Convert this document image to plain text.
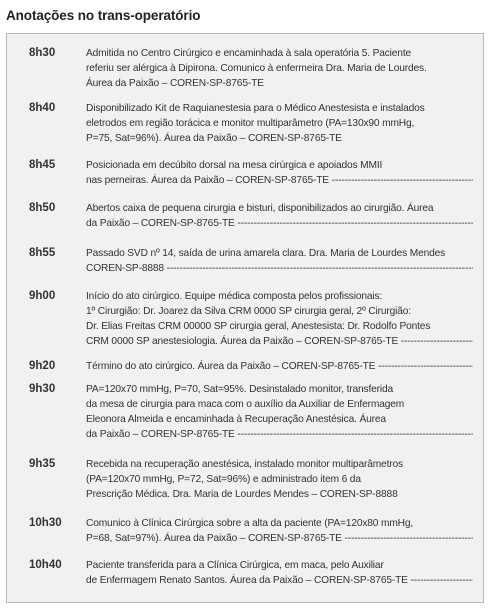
Anotações no trans-operatório
8h30	Admitida no Centro Cirúrgico e encaminhada à sala operatória 5. Paciente
referiu ser alérgica à Dipirona. Comunico à enfermeira Dra. Maria de Lourdes.
Áurea da Paixão – COREN-SP-8765-TE
8h40	Disponibilizado Kit de Raquianestesia para o Médico Anestesista e instalados
eletrodos em região torácica e monitor multiparâmetro (PA=130x90 mmHg,
P=75, Sat=96%). Áurea da Paixão – COREN-SP-8765-TE
8h45	Posicionada em decúbito dorsal na mesa cirúrgica e apoiados MMII
nas perneiras. Áurea da Paixão – COREN-SP-8765-TE -----
8h50	Abertos caixa de pequena cirurgia e bisturi, disponibilizados ao cirurgião. Áurea
da Paixão – COREN-SP-8765-TE -----
8h55	Passado SVD nº 14, saída de urina amarela clara. Dra. Maria de Lourdes Mendes
COREN-SP-8888 -----
9h00	Início do ato cirúrgico. Equipe médica composta pelos profissionais:
1º Cirurgião: Dr. Joarez da Silva CRM 0000 SP cirurgia geral, 2º Cirurgião:
Dr. Elias Freitas CRM 00000 SP cirurgia geral, Anestesista: Dr. Rodolfo Pontes
CRM 0000 SP anestesiologia. Áurea da Paixão – COREN-SP-8765-TE -----
9h20	Término do ato cirúrgico. Áurea da Paixão – COREN-SP-8765-TE -----
9h30	PA=120x70 mmHg, P=70, Sat=95%. Desinstalado monitor, transferida
da mesa de cirurgia para maca com o auxílio da Auxiliar de Enfermagem
Eleonora Almeida e encaminhada à Recuperação Anestésica. Áurea
da Paixão – COREN-SP-8765-TE -----
9h35	Recebida na recuperação anestésica, instalado monitor multiparâmetros
(PA=120x70 mmHg, P=72, Sat=96%) e administrado item 6 da
Prescrição Médica. Dra. Maria de Lourdes Mendes – COREN-SP-8888
10h30	Comunico à Clínica Cirúrgica sobre a alta da paciente (PA=120x80 mmHg,
P=68, Sat=97%). Áurea da Paixão – COREN-SP-8765-TE -----
10h40	Paciente transferida para a Clínica Cirúrgica, em maca, pelo Auxiliar
de Enfermagem Renato Santos. Áurea da Paixão – COREN-SP-8765-TE -----
